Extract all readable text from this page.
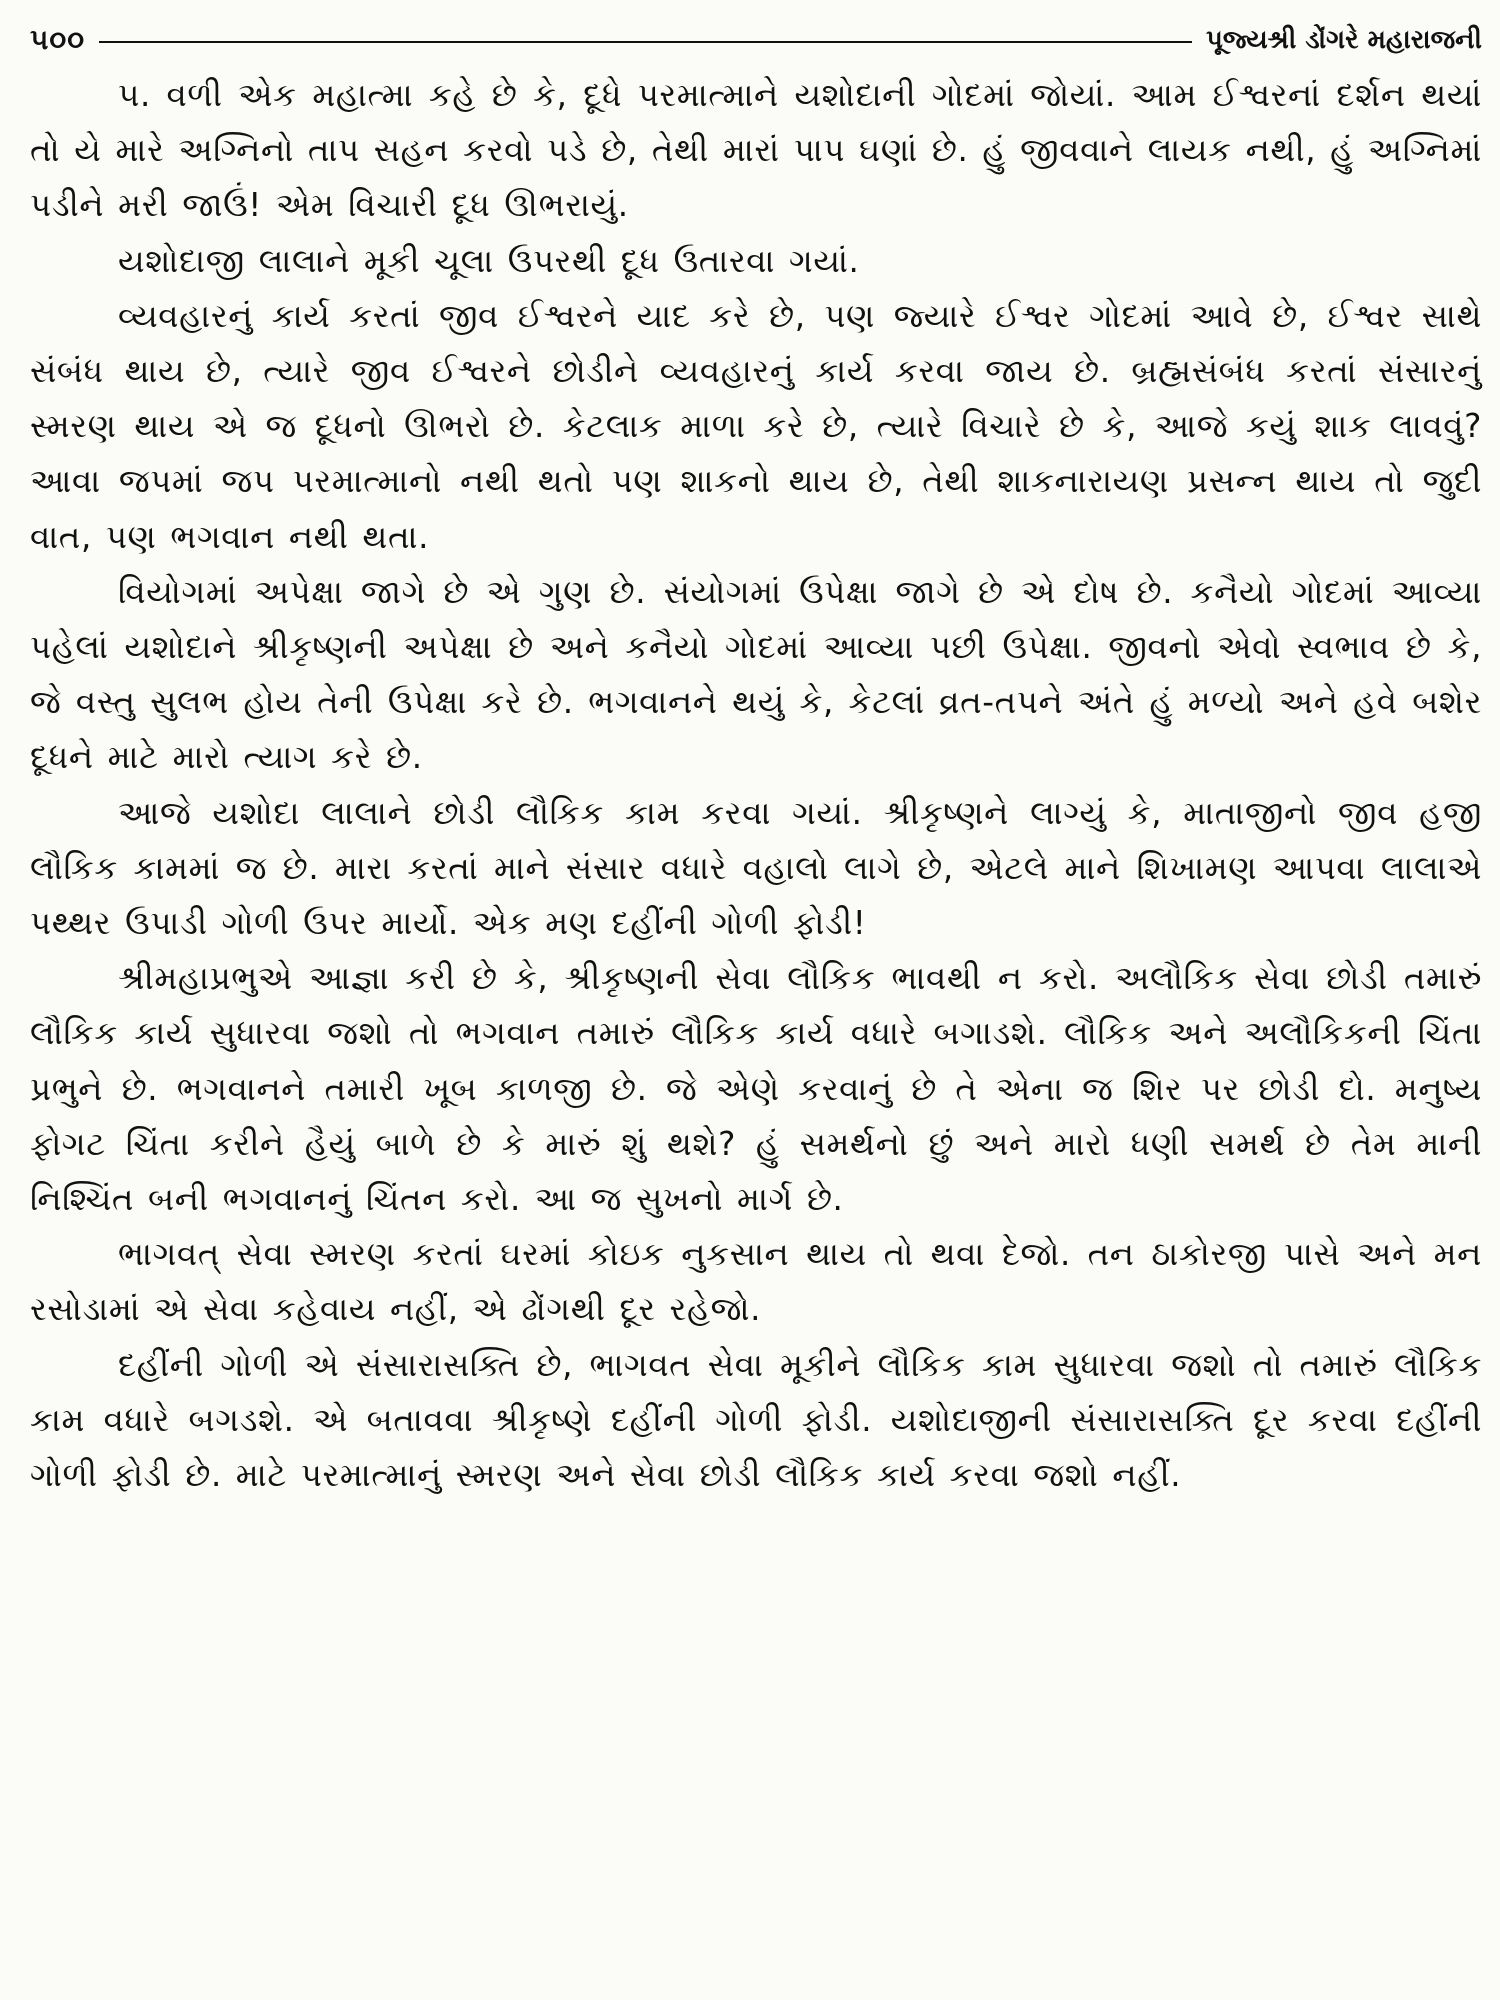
૫૦૦	પૂજ્યશ્રી ડોંગરે મહારાજની

૫. વળી એક મહાત્મા કહે છે કે, દૂધે પરમાત્માને યશોદાની ગોદમાં જોયાં. આમ ઈશ્વરનાં દર્શન થયાં તો યે મારે અગ્નિનો તાપ સહન કરવો પડે છે, તેથી મારાં પાપ ઘણાં છે. હું જીવવાને લાયક નથી, હું અગ્નિમાં પડીને મરી જાઉં! એમ વિચારી દૂધ ઊભરાયું.

યશોદાજી લાલાને મૂકી ચૂલા ઉપરથી દૂધ ઉતારવા ગયાં.

વ્યવહારનું કાર્ય કરતાં જીવ ઈશ્વરને યાદ કરે છે, પણ જ્યારે ઈશ્વર ગોદમાં આવે છે, ઈશ્વર સાથે સંબંધ થાય છે, ત્યારે જીવ ઈશ્વરને છોડીને વ્યવહારનું કાર્ય કરવા જાય છે. બ્રહ્મસંબંધ કરતાં સંસારનું સ્મરણ થાય એ જ દૂધનો ઊભરો છે. કેટલાક માળા કરે છે, ત્યારે વિચારે છે કે, આજે કયું શાક લાવવું? આવા જપમાં જપ પરમાત્માનો નથી થતો પણ શાકનો થાય છે, તેથી શાકનારાયણ પ્રસન્ન થાય તો જુદી વાત, પણ ભગવાન નથી થતા.

વિયોગમાં અપેક્ષા જાગે છે એ ગુણ છે. સંયોગમાં ઉપેક્ષા જાગે છે એ દોષ છે. કનૈયો ગોદમાં આવ્યા પહેલાં યશોદાને શ્રીકૃષ્ણની અપેક્ષા છે અને કનૈયો ગોદમાં આવ્યા પછી ઉપેક્ષા. જીવનો એવો સ્વભાવ છે કે, જે વસ્તુ સુલભ હોય તેની ઉપેક્ષા કરે છે. ભગવાનને થયું કે, કેટલાં વ્રત-તપને અંતે હું મળ્યો અને હવે બશેર દૂધને માટે મારો ત્યાગ કરે છે.

આજે યશોદા લાલાને છોડી લૌકિક કામ કરવા ગયાં. શ્રીકૃષ્ણને લાગ્યું કે, માતાજીનો જીવ હજી લૌકિક કામમાં જ છે. મારા કરતાં માને સંસાર વધારે વહાલો લાગે છે, એટલે માને શિખામણ આપવા લાલાએ પથ્થર ઉપાડી ગોળી ઉપર માર્યો. એક મણ દહીંની ગોળી ફોડી!

શ્રીમહાપ્રભુએ આજ્ઞા કરી છે કે, શ્રીકૃષ્ણની સેવા લૌકિક ભાવથી ન કરો. અલૌકિક સેવા છોડી તમારું લૌકિક કાર્ય સુધારવા જશો તો ભગવાન તમારું લૌકિક કાર્ય વધારે બગાડશે. લૌકિક અને અલૌકિકની ચિંતા પ્રભુને છે. ભગવાનને તમારી ખૂબ કાળજી છે. જે એણે કરવાનું છે તે એના જ શિર પર છોડી દો. મનુષ્ય ફોગટ ચિંતા કરીને હૈયું બાળે છે કે મારું શું થશે? હું સમર્થનો છું અને મારો ધણી સમર્થ છે તેમ માની નિશ્ચિંત બની ભગવાનનું ચિંતન કરો. આ જ સુખનો માર્ગ છે.

ભાગવત્ સેવા સ્મરણ કરતાં ઘરમાં કોઇક નુકસાન થાય તો થવા દેજો. તન ઠાકોરજી પાસે અને મન રસોડામાં એ સેવા કહેવાય નહીં, એ ઢોંગથી દૂર રહેજો.

દહીંની ગોળી એ સંસારાસક્તિ છે, ભાગવત સેવા મૂકીને લૌકિક કામ સુધારવા જશો તો તમારું લૌકિક કામ વધારે બગડશે. એ બતાવવા શ્રીકૃષ્ણે દહીંની ગોળી ફોડી. યશોદાજીની સંસારાસક્તિ દૂર કરવા દહીંની ગોળી ફોડી છે. માટે પરમાત્માનું સ્મરણ અને સેવા છોડી લૌકિક કાર્ય કરવા જશો નહીં.
